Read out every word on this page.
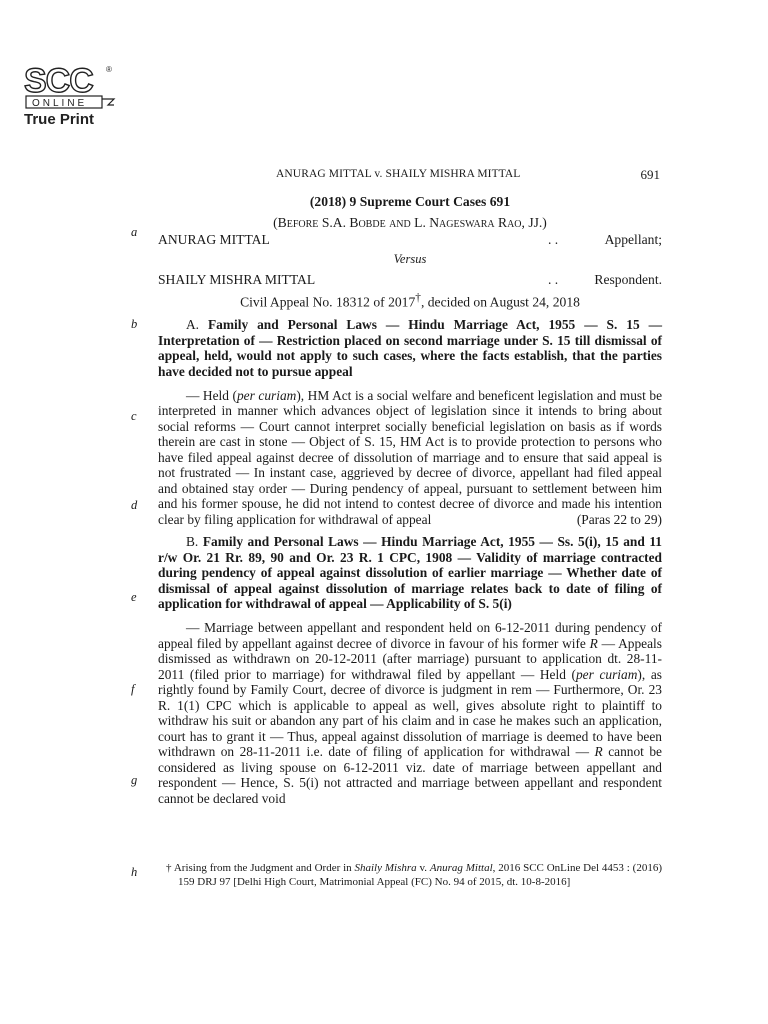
SCC ®
ONLINE
True Print
ANURAG MITTAL v. SHAILY MISHRA MITTAL	691
a
b
c
d
e
f
g
h
(2018) 9 Supreme Court Cases 691
(Before S.A. Bobde and L. Nageswara Rao, JJ.)
ANURAG MITTAL	. .	Appellant;
Versus
SHAILY MISHRA MITTAL	. .	Respondent.
Civil Appeal No. 18312 of 2017†, decided on August 24, 2018

A. Family and Personal Laws — Hindu Marriage Act, 1955 — S. 15 — Interpretation of — Restriction placed on second marriage under S. 15 till dismissal of appeal, held, would not apply to such cases, where the facts establish, that the parties have decided not to pursue appeal

— Held (per curiam), HM Act is a social welfare and beneficent legislation and must be interpreted in manner which advances object of legislation since it intends to bring about social reforms — Court cannot interpret socially beneficial legislation on basis as if words therein are cast in stone — Object of S. 15, HM Act is to provide protection to persons who have filed appeal against decree of dissolution of marriage and to ensure that said appeal is not frustrated — In instant case, aggrieved by decree of divorce, appellant had filed appeal and obtained stay order — During pendency of appeal, pursuant to settlement between him and his former spouse, he did not intend to contest decree of divorce and made his intention clear by filing application for withdrawal of appeal	(Paras 22 to 29)

B. Family and Personal Laws — Hindu Marriage Act, 1955 — Ss. 5(i), 15 and 11 r/w Or. 21 Rr. 89, 90 and Or. 23 R. 1 CPC, 1908 — Validity of marriage contracted during pendency of appeal against dissolution of earlier marriage — Whether date of dismissal of appeal against dissolution of marriage relates back to date of filing of application for withdrawal of appeal — Applicability of S. 5(i)

— Marriage between appellant and respondent held on 6-12-2011 during pendency of appeal filed by appellant against decree of divorce in favour of his former wife R — Appeals dismissed as withdrawn on 20-12-2011 (after marriage) pursuant to application dt. 28-11-2011 (filed prior to marriage) for withdrawal filed by appellant — Held (per curiam), as rightly found by Family Court, decree of divorce is judgment in rem — Furthermore, Or. 23 R. 1(1) CPC which is applicable to appeal as well, gives absolute right to plaintiff to withdraw his suit or abandon any part of his claim and in case he makes such an application, court has to grant it — Thus, appeal against dissolution of marriage is deemed to have been withdrawn on 28-11-2011 i.e. date of filing of application for withdrawal — R cannot be considered as living spouse on 6-12-2011 viz. date of marriage between appellant and respondent — Hence, S. 5(i) not attracted and marriage between appellant and respondent cannot be declared void

† Arising from the Judgment and Order in Shaily Mishra v. Anurag Mittal, 2016 SCC OnLine Del 4453 : (2016) 159 DRJ 97 [Delhi High Court, Matrimonial Appeal (FC) No. 94 of 2015, dt. 10-8-2016]
